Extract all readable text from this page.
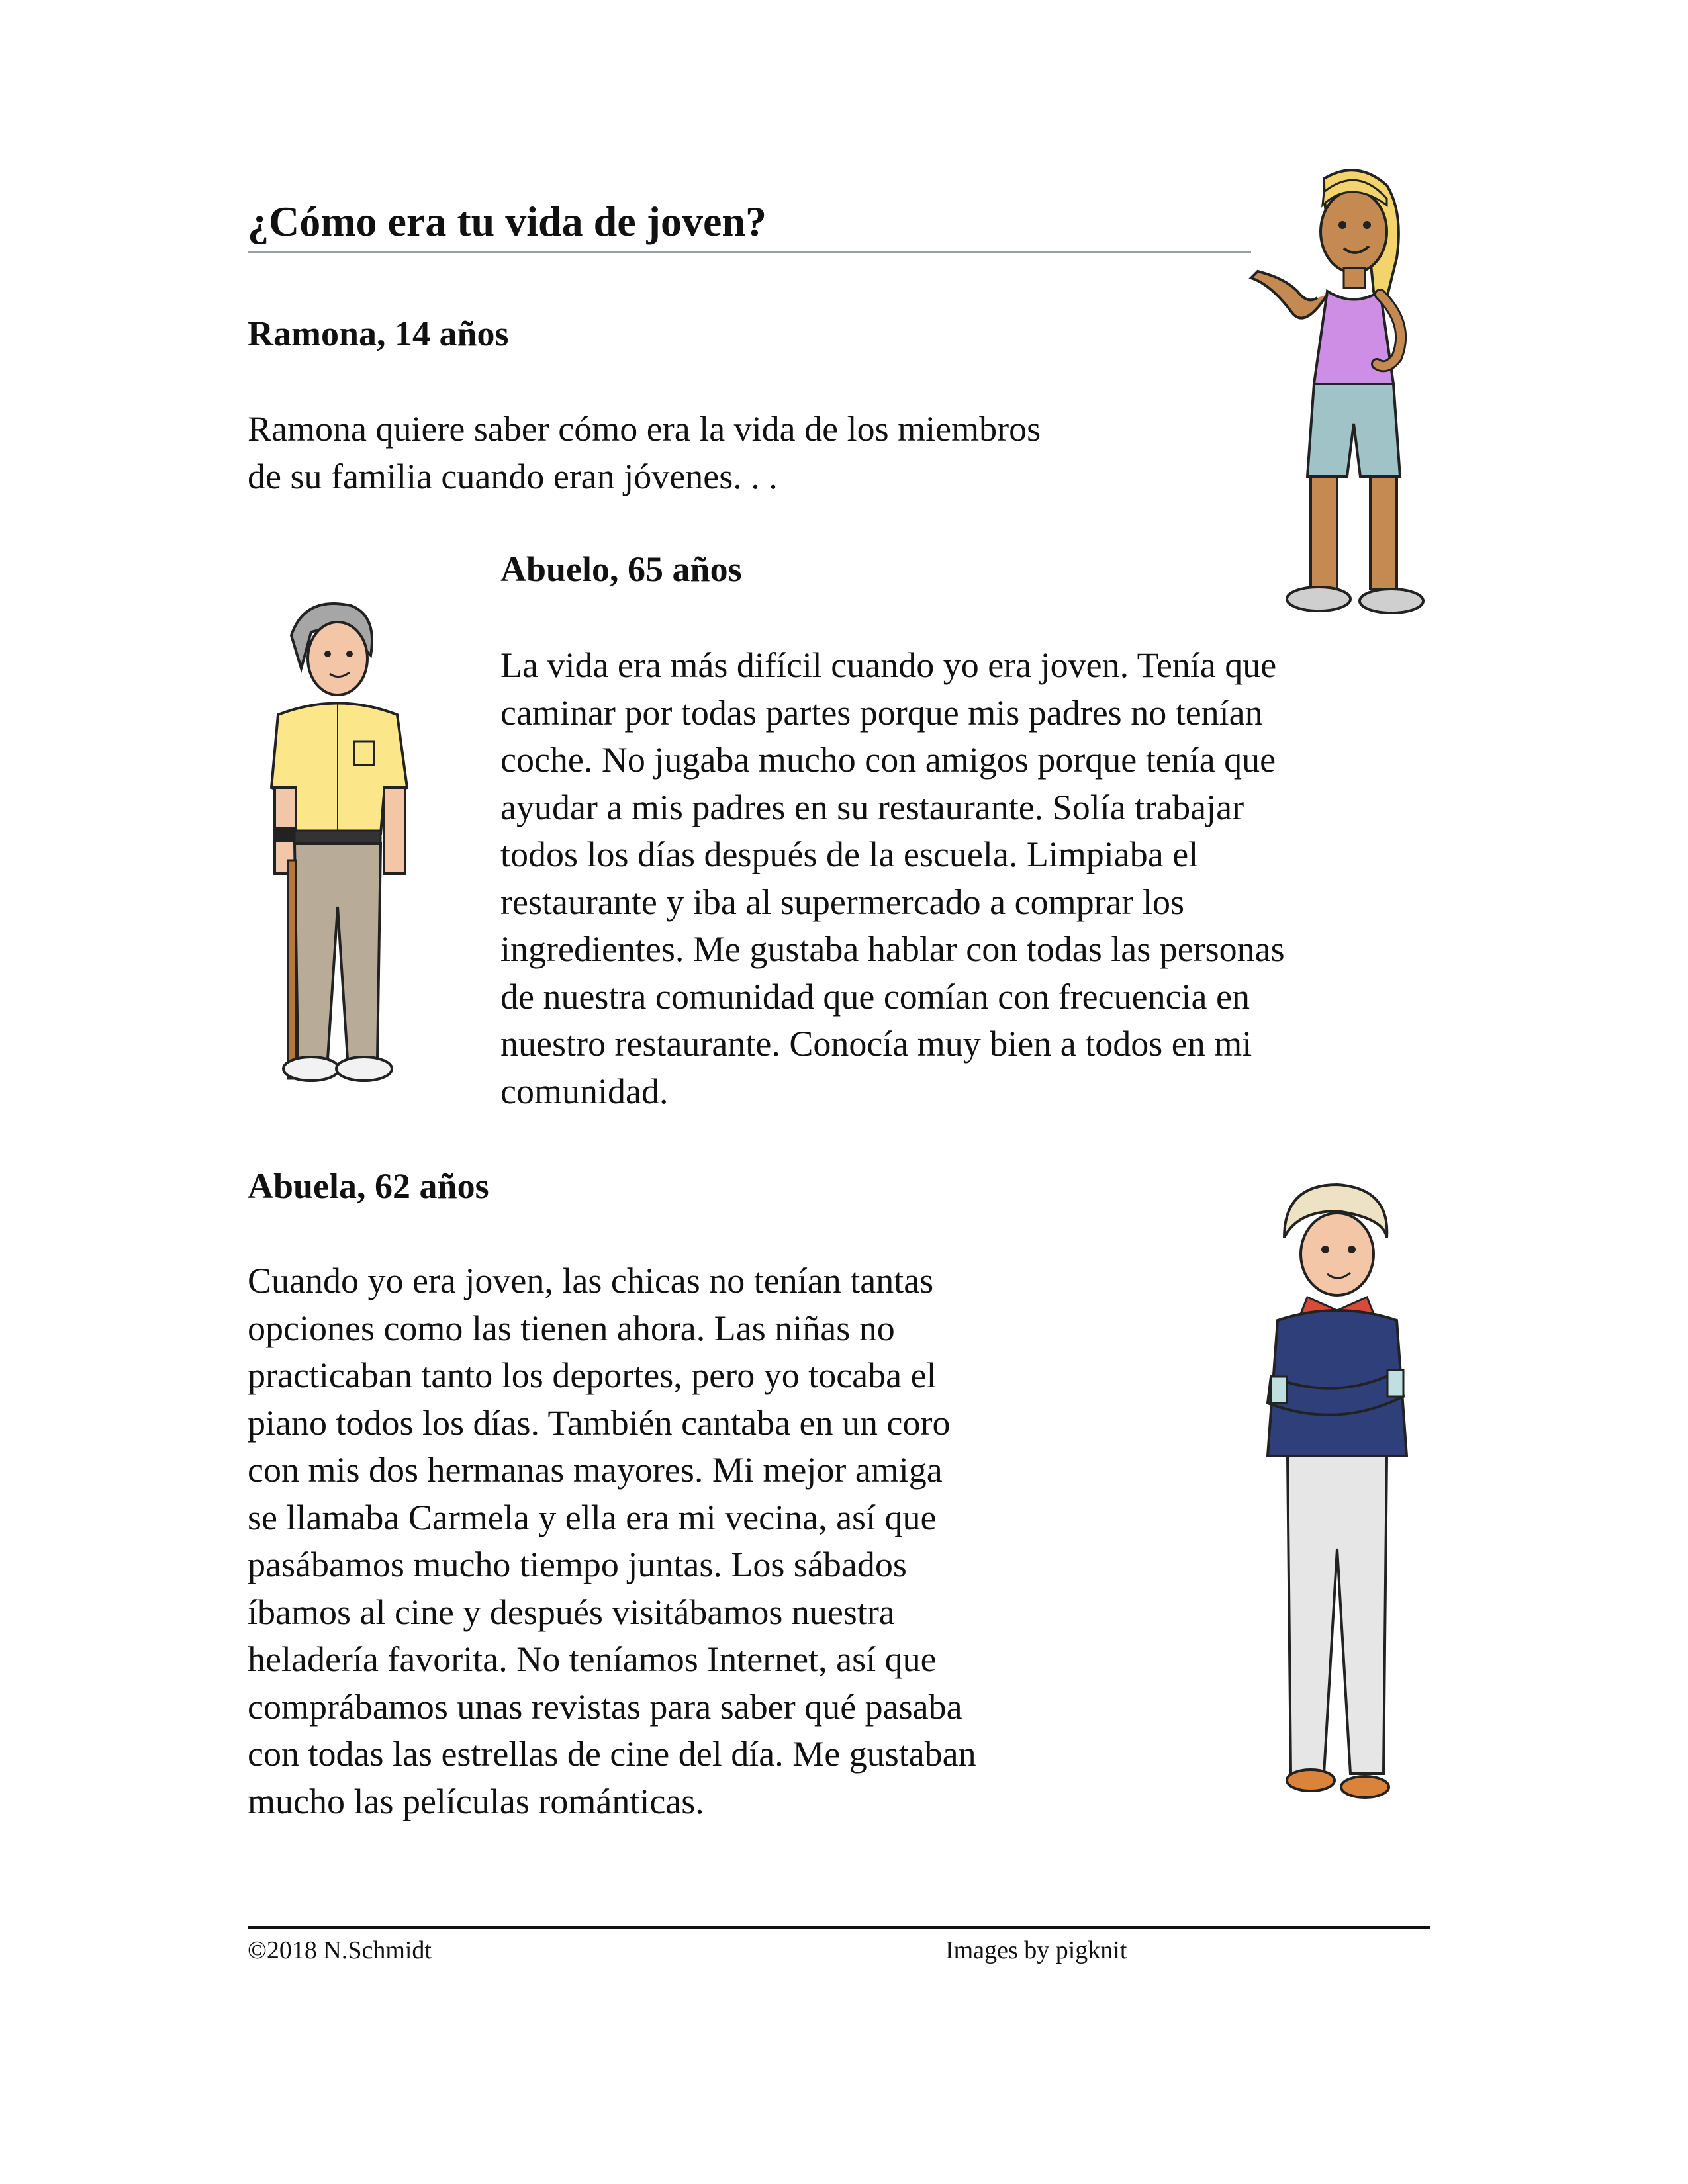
¿Cómo era tu vida de joven?
Ramona, 14 años
Ramona quiere saber cómo era la vida de los miembros
de su familia cuando eran jóvenes. . .
Abuelo, 65 años
La vida era más difícil cuando yo era joven. Tenía que
caminar por todas partes porque mis padres no tenían
coche. No jugaba mucho con amigos porque tenía que
ayudar a mis padres en su restaurante. Solía trabajar
todos los días después de la escuela. Limpiaba el
restaurante y iba al supermercado a comprar los
ingredientes. Me gustaba hablar con todas las personas
de nuestra comunidad que comían con frecuencia en
nuestro restaurante. Conocía muy bien a todos en mi
comunidad.
Abuela, 62 años
Cuando yo era joven, las chicas no tenían tantas
opciones como las tienen ahora. Las niñas no
practicaban tanto los deportes, pero yo tocaba el
piano todos los días. También cantaba en un coro
con mis dos hermanas mayores. Mi mejor amiga
se llamaba Carmela y ella era mi vecina, así que
pasábamos mucho tiempo juntas. Los sábados
íbamos al cine y después visitábamos nuestra
heladería favorita. No teníamos Internet, así que
comprábamos unas revistas para saber qué pasaba
con todas las estrellas de cine del día. Me gustaban
mucho las películas románticas.
©2018 N.Schmidt	Images by pigknit
